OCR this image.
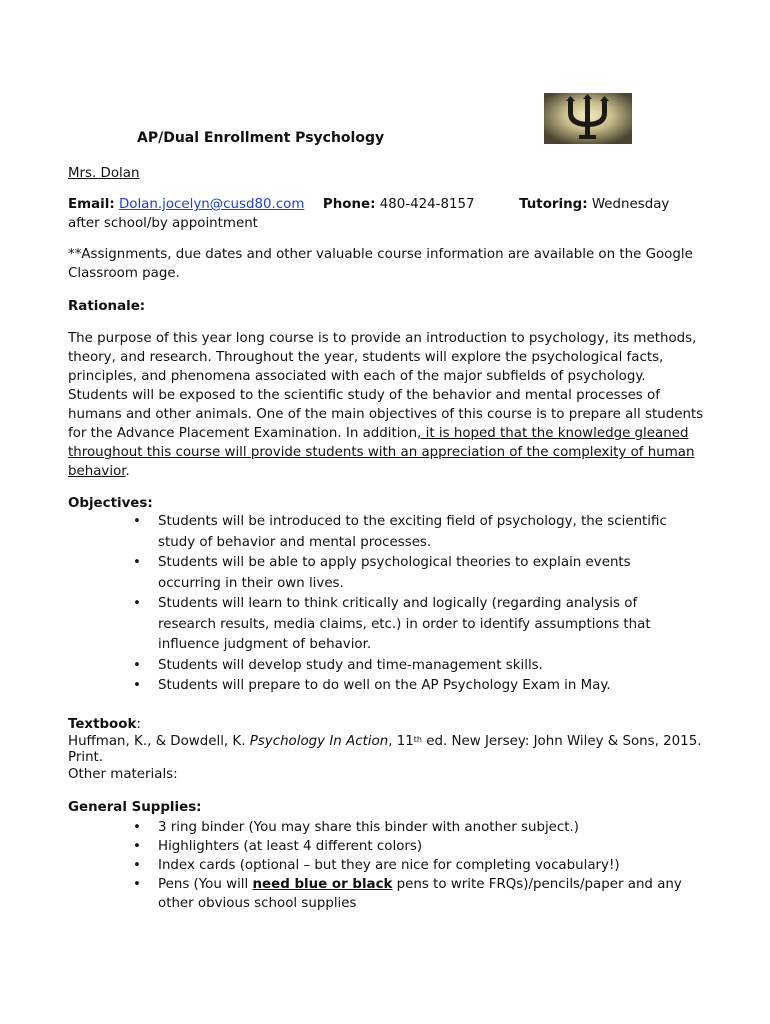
AP/Dual Enrollment Psychology
Mrs. Dolan
Email: Dolan.jocelyn@cusd80.com Phone: 480-424-8157	Tutoring: Wednesday
after school/by appointment
**Assignments, due dates and other valuable course information are available on the Google Classroom page.
Rationale:
The purpose of this year long course is to provide an introduction to psychology, its methods, theory, and research. Throughout the year, students will explore the psychological facts, principles, and phenomena associated with each of the major subfields of psychology. Students will be exposed to the scientific study of the behavior and mental processes of humans and other animals. One of the main objectives of this course is to prepare all students for the Advance Placement Examination. In addition, it is hoped that the knowledge gleaned throughout this course will provide students with an appreciation of the complexity of human behavior.
Objectives:
• Students will be introduced to the exciting field of psychology, the scientific study of behavior and mental processes.
• Students will be able to apply psychological theories to explain events occurring in their own lives.
• Students will learn to think critically and logically (regarding analysis of research results, media claims, etc.) in order to identify assumptions that influence judgment of behavior.
• Students will develop study and time-management skills.
• Students will prepare to do well on the AP Psychology Exam in May.
Textbook:
Huffman, K., & Dowdell, K. Psychology In Action, 11th ed. New Jersey: John Wiley & Sons, 2015. Print.
Other materials:
General Supplies:
• 3 ring binder (You may share this binder with another subject.)
• Highlighters (at least 4 different colors)
• Index cards (optional – but they are nice for completing vocabulary!)
• Pens (You will need blue or black pens to write FRQs)/pencils/paper and any other obvious school supplies
